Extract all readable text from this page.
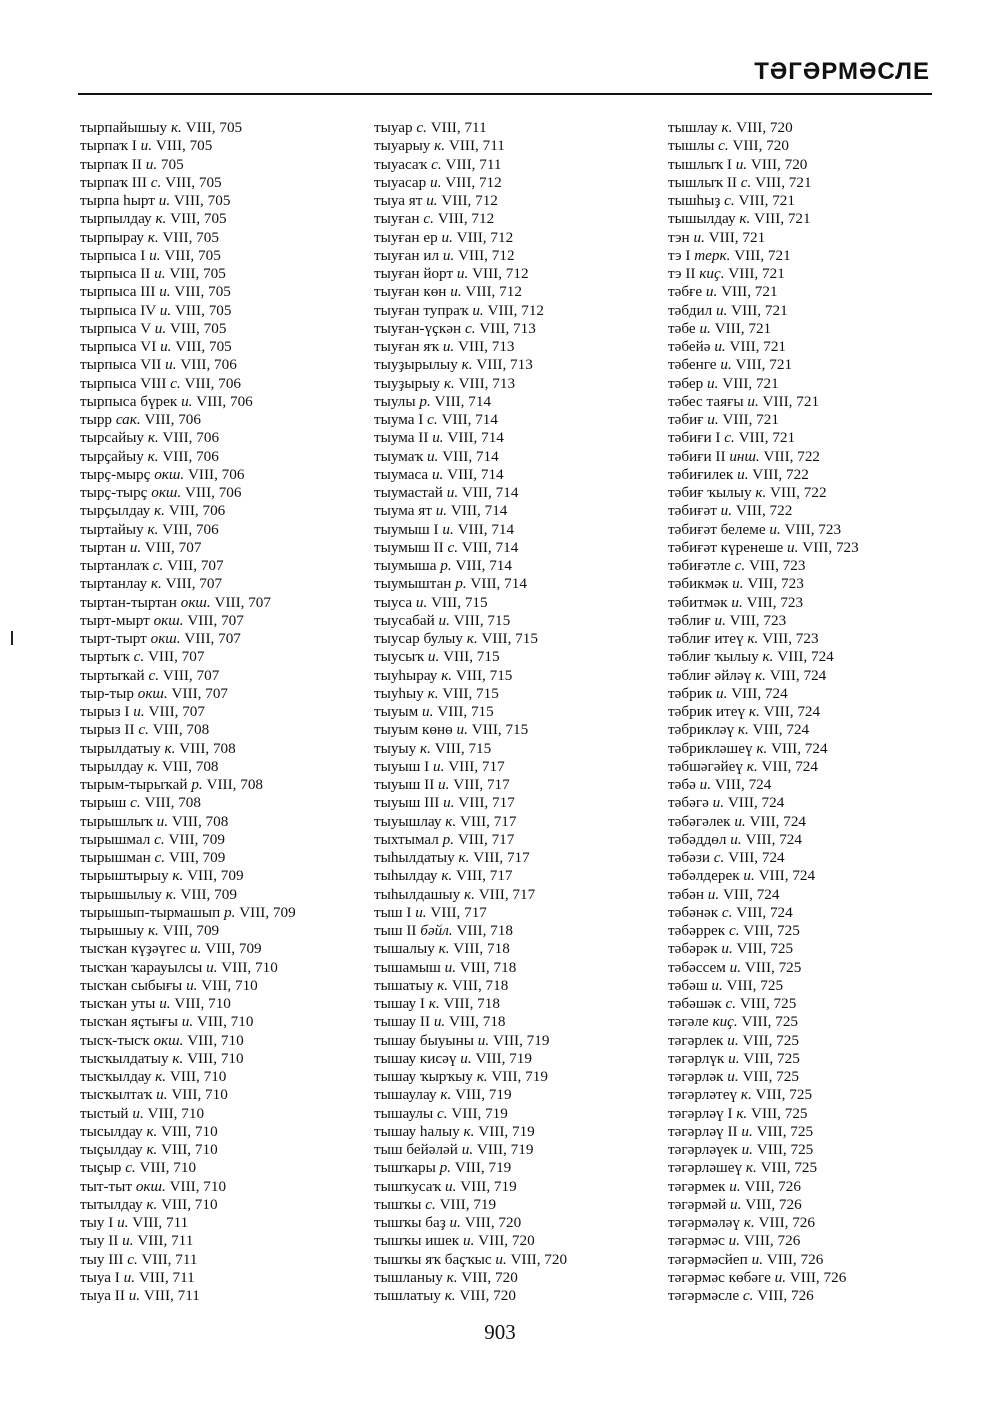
ТӘГӘРМӘСЛЕ
тырпайышыу к. VIII, 705
тырпаҡ I и. VIII, 705
тырпаҡ II и. 705
тырпаҡ III с. VIII, 705
тырпа һырт и. VIII, 705
тырпылдау к. VIII, 705
тырпырау к. VIII, 705
тырпыса I и. VIII, 705
тырпыса II и. VIII, 705
тырпыса III и. VIII, 705
тырпыса IV и. VIII, 705
тырпыса V и. VIII, 705
тырпыса VI и. VIII, 705
тырпыса VII и. VIII, 706
тырпыса VIII с. VIII, 706
тырпыса бүрек и. VIII, 706
тырр сак. VIII, 706
тырсайыу к. VIII, 706
тырҫайыу к. VIII, 706
тырҫ-мырҫ окш. VIII, 706
тырҫ-тырҫ окш. VIII, 706
тырҫылдау к. VIII, 706
тыртайыу к. VIII, 706
тыртан и. VIII, 707
тыртанлаҡ с. VIII, 707
тыртанлау к. VIII, 707
тыртан-тыртан окш. VIII, 707
тырт-мырт окш. VIII, 707
тырт-тырт окш. VIII, 707
тыртыҡ с. VIII, 707
тыртыҡай с. VIII, 707
тыр-тыр окш. VIII, 707
тырыз I и. VIII, 707
тырыз II с. VIII, 708
тырылдатыу к. VIII, 708
тырылдау к. VIII, 708
тырым-тырыҡай р. VIII, 708
тырыш с. VIII, 708
тырышлыҡ и. VIII, 708
тырышмал с. VIII, 709
тырышман с. VIII, 709
тырыштырыу к. VIII, 709
тырышылыу к. VIII, 709
тырышып-тырмашып р. VIII, 709
тырышыу к. VIII, 709
тысҡан күҙәүгес и. VIII, 709
тысҡан ҡарауылсы и. VIII, 710
тысҡан сыбығы и. VIII, 710
тысҡан уты и. VIII, 710
тысҡан яҫтығы и. VIII, 710
тысҡ-тысҡ окш. VIII, 710
тысҡылдатыу к. VIII, 710
тысҡылдау к. VIII, 710
тысҡылтаҡ и. VIII, 710
тыстый и. VIII, 710
тысылдау к. VIII, 710
тыҫылдау к. VIII, 710
тыҫыр с. VIII, 710
тыт-тыт окш. VIII, 710
тытылдау к. VIII, 710
тыу I и. VIII, 711
тыу II и. VIII, 711
тыу III с. VIII, 711
тыуа I и. VIII, 711
тыуа II и. VIII, 711
тыуар с. VIII, 711
тыуарыу к. VIII, 711
тыуасаҡ с. VIII, 711
тыуасар и. VIII, 712
тыуа ят и. VIII, 712
тыуған с. VIII, 712
тыуған ер и. VIII, 712
тыуған ил и. VIII, 712
тыуған йорт и. VIII, 712
тыуған көн и. VIII, 712
тыуған тупраҡ и. VIII, 712
тыуған-үҫкән с. VIII, 713
тыуған яҡ и. VIII, 713
тыуҙырылыу к. VIII, 713
тыуҙырыу к. VIII, 713
тыулы р. VIII, 714
тыума I с. VIII, 714
тыума II и. VIII, 714
тыумаҡ и. VIII, 714
тыумаса и. VIII, 714
тыумастай и. VIII, 714
тыума ят и. VIII, 714
тыумыш I и. VIII, 714
тыумыш II с. VIII, 714
тыумыша р. VIII, 714
тыумыштан р. VIII, 714
тыуса и. VIII, 715
тыусабай и. VIII, 715
тыусар булыу к. VIII, 715
тыусыҡ и. VIII, 715
тыуһырау к. VIII, 715
тыуһыу к. VIII, 715
тыуым и. VIII, 715
тыуым көнө и. VIII, 715
тыуыу к. VIII, 715
тыуыш I и. VIII, 717
тыуыш II и. VIII, 717
тыуыш III и. VIII, 717
тыуышлау к. VIII, 717
тыхтымал р. VIII, 717
тыһылдатыу к. VIII, 717
тыһылдау к. VIII, 717
тыһылдашыу к. VIII, 717
тыш I и. VIII, 717
тыш II бәйл. VIII, 718
тышалыу к. VIII, 718
тышамыш и. VIII, 718
тышатыу к. VIII, 718
тышау I к. VIII, 718
тышау II и. VIII, 718
тышау быуыны и. VIII, 719
тышау кисәү и. VIII, 719
тышау ҡырҡыу к. VIII, 719
тышаулау к. VIII, 719
тышаулы с. VIII, 719
тышау һалыу к. VIII, 719
тыш бейәләй и. VIII, 719
тышҡары р. VIII, 719
тышҡусаҡ и. VIII, 719
тышҡы с. VIII, 719
тышҡы баҙ и. VIII, 720
тышҡы ишек и. VIII, 720
тышҡы яҡ баҫҡыс и. VIII, 720
тышланыу к. VIII, 720
тышлатыу к. VIII, 720
тышлау к. VIII, 720
тышлы с. VIII, 720
тышлыҡ I и. VIII, 720
тышлыҡ II с. VIII, 721
тышһыҙ с. VIII, 721
тышылдау к. VIII, 721
тэн и. VIII, 721
тэ I терк. VIII, 721
тэ II киҫ. VIII, 721
тәбғе и. VIII, 721
тәбдил и. VIII, 721
тәбе и. VIII, 721
тәбейә и. VIII, 721
тәбенге и. VIII, 721
тәбер и. VIII, 721
тәбес таяғы и. VIII, 721
тәбиғ и. VIII, 721
тәбиғи I с. VIII, 721
тәбиғи II инш. VIII, 722
тәбиғилек и. VIII, 722
тәбиғ ҡылыу к. VIII, 722
тәбиғәт и. VIII, 722
тәбиғәт белеме и. VIII, 723
тәбиғәт күренеше и. VIII, 723
тәбиғәтле с. VIII, 723
тәбикмәк и. VIII, 723
тәбитмәк и. VIII, 723
тәблиғ и. VIII, 723
тәблиғ итеү к. VIII, 723
тәблиғ ҡылыу к. VIII, 724
тәблиғ әйләү к. VIII, 724
тәбрик и. VIII, 724
тәбрик итеү к. VIII, 724
тәбрикләү к. VIII, 724
тәбрикләшеү к. VIII, 724
тәбшәгәйеү к. VIII, 724
тәбә и. VIII, 724
тәбәгә и. VIII, 724
тәбәгәлек и. VIII, 724
тәбәддөл и. VIII, 724
тәбәзи с. VIII, 724
тәбәлдерек и. VIII, 724
тәбән и. VIII, 724
тәбәнәк с. VIII, 724
тәбәррек с. VIII, 725
тәбәрәк и. VIII, 725
тәбәссем и. VIII, 725
тәбәш и. VIII, 725
тәбәшәк с. VIII, 725
тәгәле киҫ. VIII, 725
тәгәрлек и. VIII, 725
тәгәрлүк и. VIII, 725
тәгәрләк и. VIII, 725
тәгәрләтеү к. VIII, 725
тәгәрләү I к. VIII, 725
тәгәрләү II и. VIII, 725
тәгәрләүек и. VIII, 725
тәгәрләшеү к. VIII, 725
тәгәрмек и. VIII, 726
тәгәрмәй и. VIII, 726
тәгәрмәләү к. VIII, 726
тәгәрмәс и. VIII, 726
тәгәрмәсйеп и. VIII, 726
тәгәрмәс көбәге и. VIII, 726
тәгәрмәсле с. VIII, 726
903
